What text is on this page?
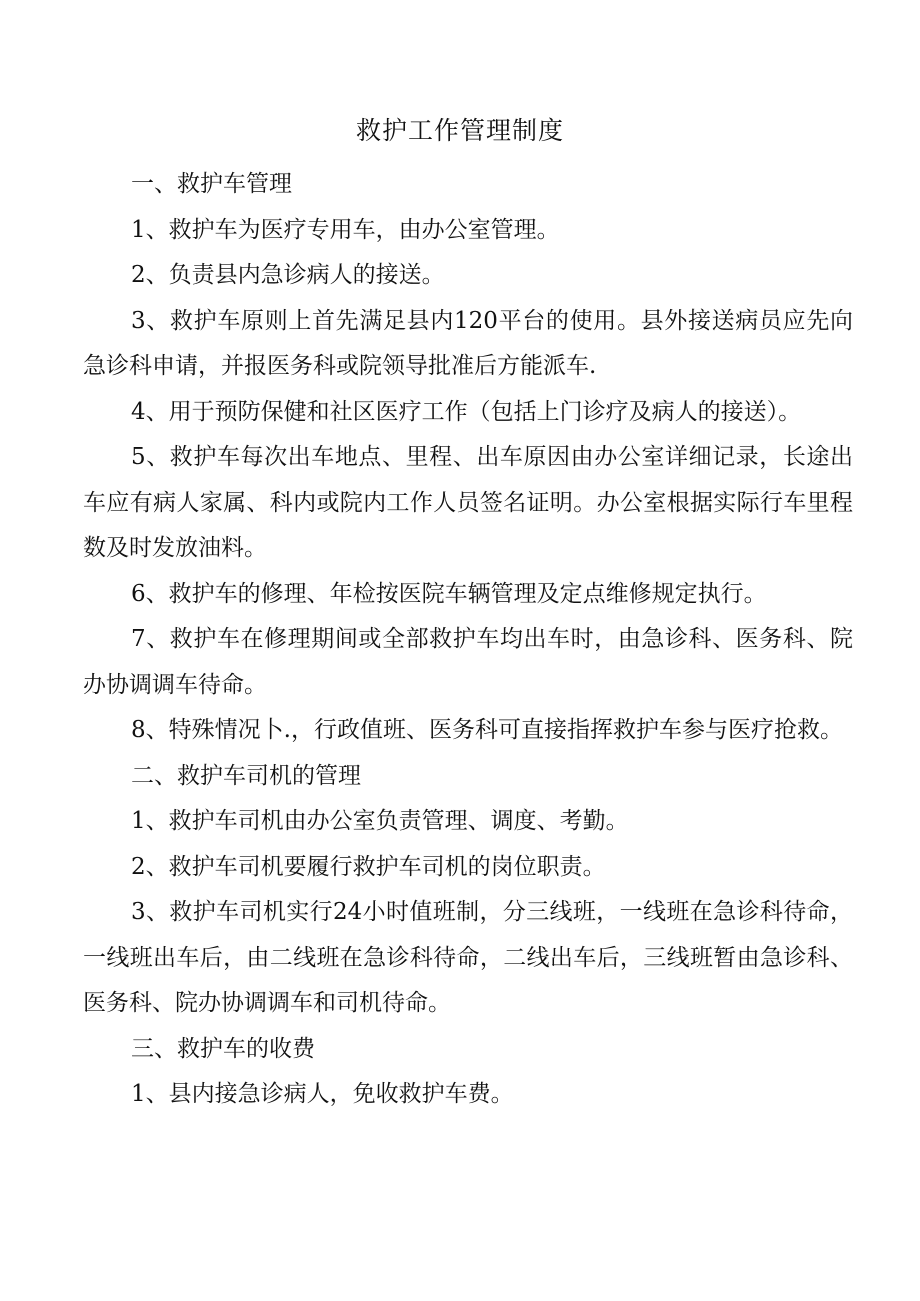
救护工作管理制度

一、救护车管理

1、救护车为医疗专用车，由办公室管理。

2、负责县内急诊病人的接送。

3、救护车原则上首先满足县内120平台的使用。县外接送病员应先向急诊科申请，并报医务科或院领导批准后方能派车.

4、用于预防保健和社区医疗工作（包括上门诊疗及病人的接送）。

5、救护车每次出车地点、里程、出车原因由办公室详细记录，长途出车应有病人家属、科内或院内工作人员签名证明。办公室根据实际行车里程数及时发放油料。

6、救护车的修理、年检按医院车辆管理及定点维修规定执行。

7、救护车在修理期间或全部救护车均出车时，由急诊科、医务科、院办协调调车待命。

8、特殊情况卜.，行政值班、医务科可直接指挥救护车参与医疗抢救。

二、救护车司机的管理

1、救护车司机由办公室负责管理、调度、考勤。

2、救护车司机要履行救护车司机的岗位职责。

3、救护车司机实行24小时值班制，分三线班，一线班在急诊科待命，一线班出车后，由二线班在急诊科待命，二线出车后，三线班暂由急诊科、医务科、院办协调调车和司机待命。

三、救护车的收费

1、县内接急诊病人，免收救护车费。
